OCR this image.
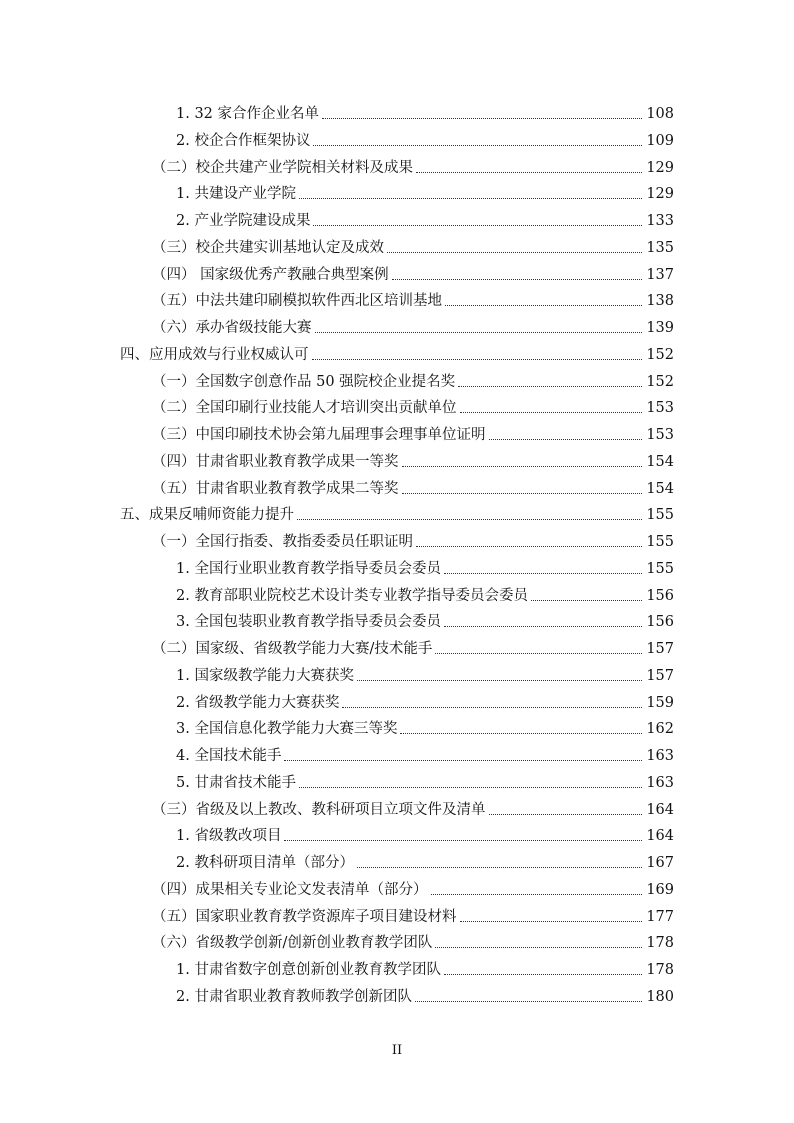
1. 32 家合作企业名单	108
2. 校企合作框架协议	109
（二）校企共建产业学院相关材料及成果	129
1. 共建设产业学院	129
2. 产业学院建设成果	133
（三）校企共建实训基地认定及成效	135
（四） 国家级优秀产教融合典型案例	137
（五）中法共建印刷模拟软件西北区培训基地	138
（六）承办省级技能大赛	139
四、应用成效与行业权威认可	152
（一）全国数字创意作品 50 强院校企业提名奖	152
（二）全国印刷行业技能人才培训突出贡献单位	153
（三）中国印刷技术协会第九届理事会理事单位证明	153
（四）甘肃省职业教育教学成果一等奖	154
（五）甘肃省职业教育教学成果二等奖	154
五、成果反哺师资能力提升	155
（一）全国行指委、教指委委员任职证明	155
1. 全国行业职业教育教学指导委员会委员	155
2. 教育部职业院校艺术设计类专业教学指导委员会委员	156
3. 全国包装职业教育教学指导委员会委员	156
（二）国家级、省级教学能力大赛/技术能手	157
1. 国家级教学能力大赛获奖	157
2. 省级教学能力大赛获奖	159
3. 全国信息化教学能力大赛三等奖	162
4. 全国技术能手	163
5. 甘肃省技术能手	163
（三）省级及以上教改、教科研项目立项文件及清单	164
1. 省级教改项目	164
2. 教科研项目清单（部分）	167
（四）成果相关专业论文发表清单（部分）	169
（五）国家职业教育教学资源库子项目建设材料	177
（六）省级教学创新/创新创业教育教学团队	178
1. 甘肃省数字创意创新创业教育教学团队	178
2. 甘肃省职业教育教师教学创新团队	180
II
